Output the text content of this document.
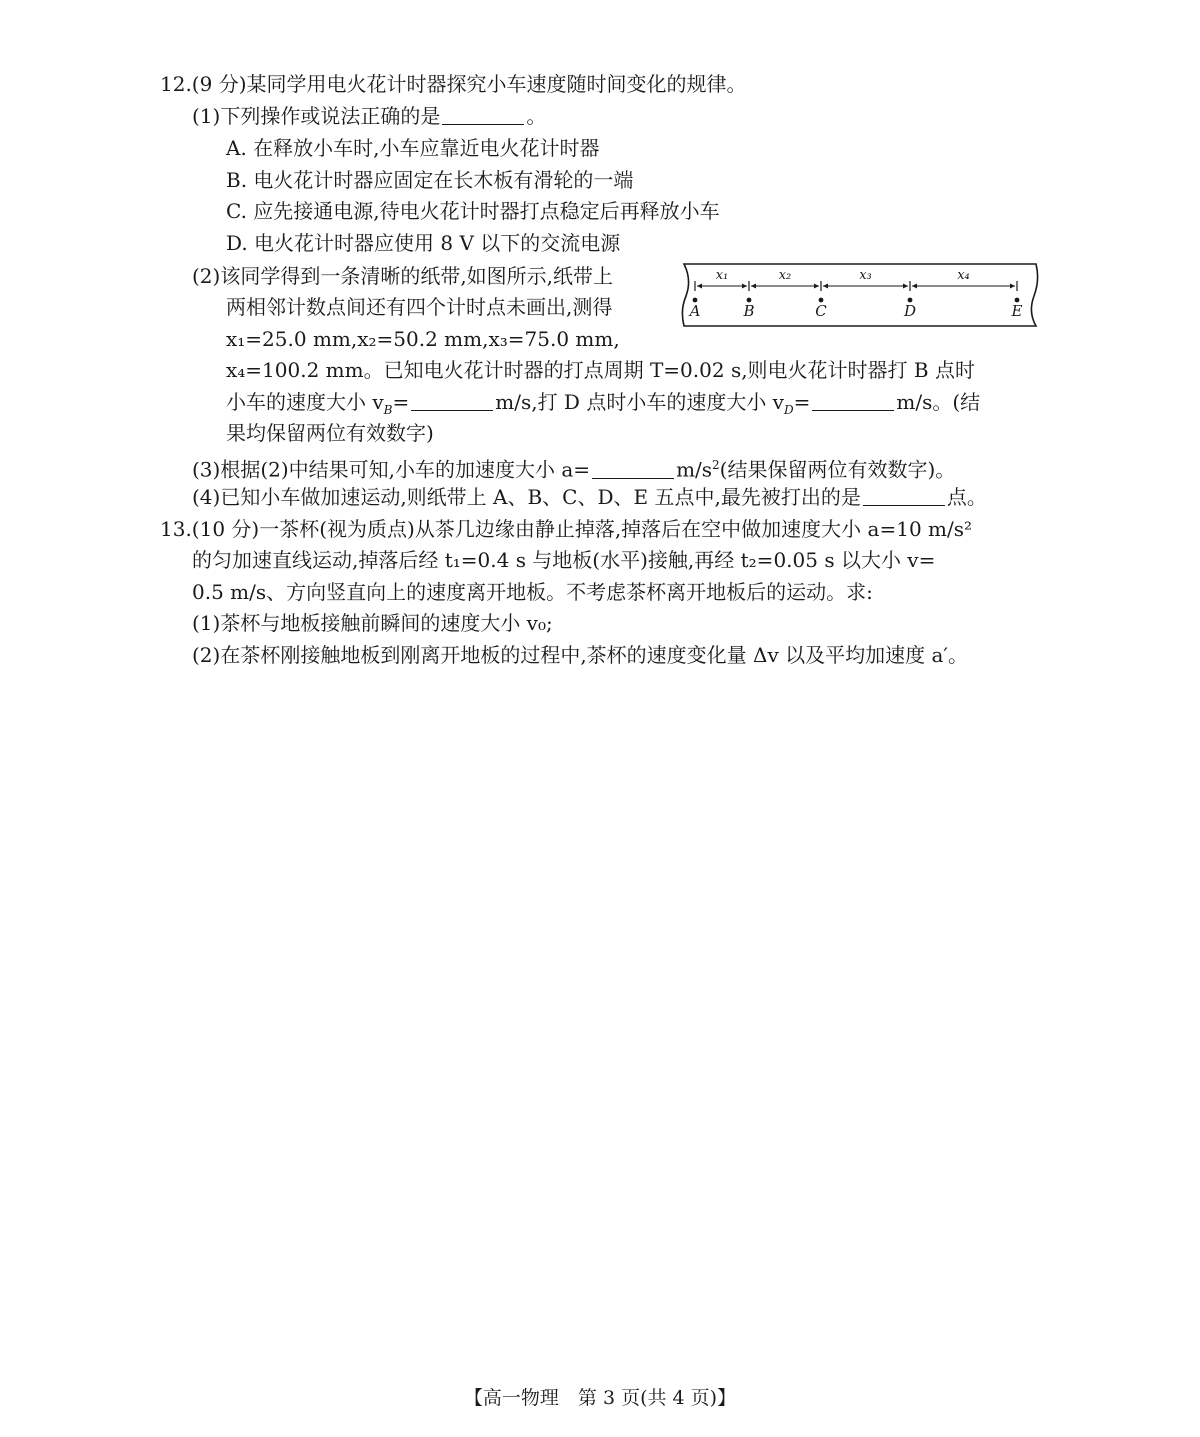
12.(9 分)某同学用电火花计时器探究小车速度随时间变化的规律。
(1)下列操作或说法正确的是	。
A. 在释放小车时,小车应靠近电火花计时器
B. 电火花计时器应固定在长木板有滑轮的一端
C. 应先接通电源,待电火花计时器打点稳定后再释放小车
D. 电火花计时器应使用 8 V 以下的交流电源
(2)该同学得到一条清晰的纸带,如图所示,纸带上
两相邻计数点间还有四个计时点未画出,测得
x₁=25.0 mm,x₂=50.2 mm,x₃=75.0 mm,
x₄=100.2 mm。已知电火花计时器的打点周期 T=0.02 s,则电火花计时器打 B 点时
小车的速度大小 $v_B=$	m/s,打 D 点时小车的速度大小 $v_D=$	m/s。(结
果均保留两位有效数字)
(3)根据(2)中结果可知,小车的加速度大小 a=	$m/s^2$(结果保留两位有效数字)。
(4)已知小车做加速运动,则纸带上 A、B、C、D、E 五点中,最先被打出的是	点。
A	B	C	D	E
x₁	x₂	x₃	x₄
13.(10 分)一茶杯(视为质点)从茶几边缘由静止掉落,掉落后在空中做加速度大小 a=10 m/s²
的匀加速直线运动,掉落后经 t₁=0.4 s 与地板(水平)接触,再经 t₂=0.05 s 以大小 v=
0.5 m/s、方向竖直向上的速度离开地板。不考虑茶杯离开地板后的运动。求:
(1)茶杯与地板接触前瞬间的速度大小 v₀;
(2)在茶杯刚接触地板到刚离开地板的过程中,茶杯的速度变化量 Δv 以及平均加速度 a′。
【高一物理　第 3 页(共 4 页)】
